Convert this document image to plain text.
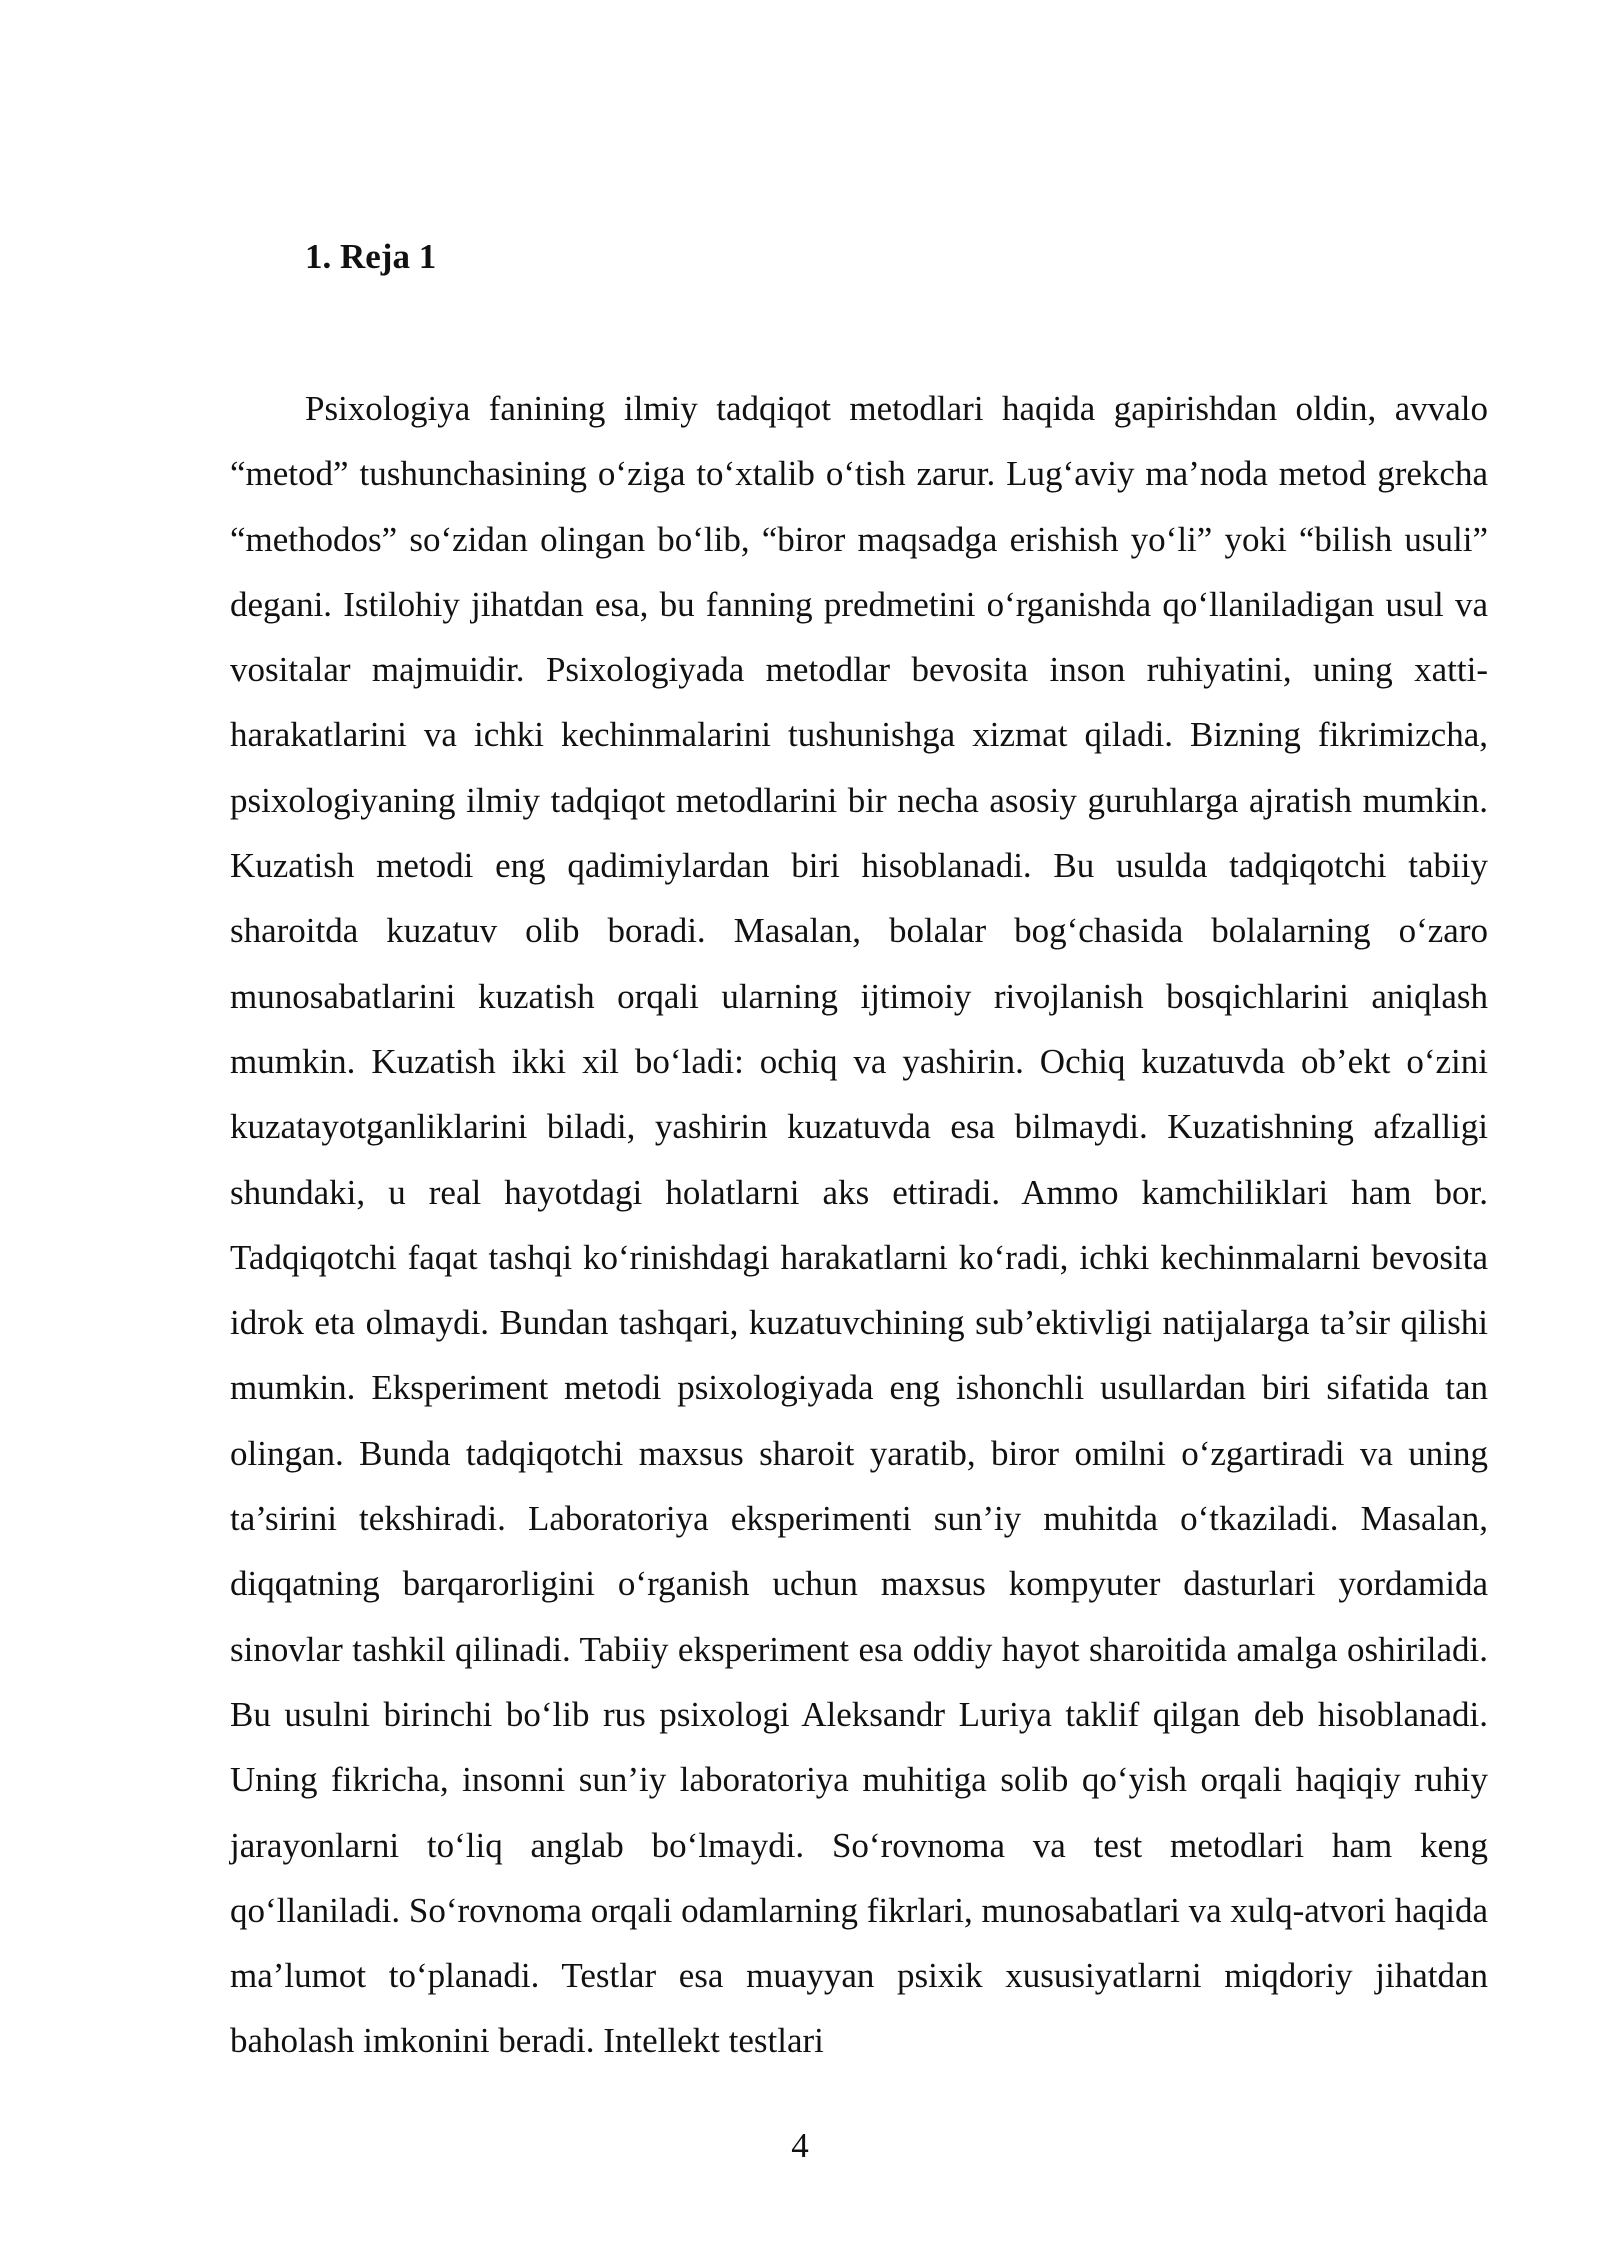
1. Reja 1

Psixologiya fanining ilmiy tadqiqot metodlari haqida gapirishdan oldin, avvalo “metod” tushunchasining o‘ziga to‘xtalib o‘tish zarur. Lug‘aviy ma’noda metod grekcha “methodos” so‘zidan olingan bo‘lib, “biror maqsadga erishish yo‘li” yoki “bilish usuli” degani. Istilohiy jihatdan esa, bu fanning predmetini o‘rganishda qo‘llaniladigan usul va vositalar majmuidir. Psixologiyada metodlar bevosita inson ruhiyatini, uning xatti-harakatlarini va ichki kechinmalarini tushunishga xizmat qiladi. Bizning fikrimizcha, psixologiyaning ilmiy tadqiqot metodlarini bir necha asosiy guruhlarga ajratish mumkin. Kuzatish metodi eng qadimiylardan biri hisoblanadi. Bu usulda tadqiqotchi tabiiy sharoitda kuzatuv olib boradi. Masalan, bolalar bog‘chasida bolalarning o‘zaro munosabatlarini kuzatish orqali ularning ijtimoiy rivojlanish bosqichlarini aniqlash mumkin. Kuzatish ikki xil bo‘ladi: ochiq va yashirin. Ochiq kuzatuvda ob’ekt o‘zini kuzatayotganliklarini biladi, yashirin kuzatuvda esa bilmaydi. Kuzatishning afzalligi shundaki, u real hayotdagi holatlarni aks ettiradi. Ammo kamchiliklari ham bor. Tadqiqotchi faqat tashqi ko‘rinishdagi harakatlarni ko‘radi, ichki kechinmalarni bevosita idrok eta olmaydi. Bundan tashqari, kuzatuvchining sub’ektivligi natijalarga ta’sir qilishi mumkin. Eksperiment metodi psixologiyada eng ishonchli usullardan biri sifatida tan olingan. Bunda tadqiqotchi maxsus sharoit yaratib, biror omilni o‘zgartiradi va uning ta’sirini tekshiradi. Laboratoriya eksperimenti sun’iy muhitda o‘tkaziladi. Masalan, diqqatning barqarorligini o‘rganish uchun maxsus kompyuter dasturlari yordamida sinovlar tashkil qilinadi. Tabiiy eksperiment esa oddiy hayot sharoitida amalga oshiriladi. Bu usulni birinchi bo‘lib rus psixologi Aleksandr Luriya taklif qilgan deb hisoblanadi. Uning fikricha, insonni sun’iy laboratoriya muhitiga solib qo‘yish orqali haqiqiy ruhiy jarayonlarni to‘liq anglab bo‘lmaydi. So‘rovnoma va test metodlari ham keng qo‘llaniladi. So‘rovnoma orqali odamlarning fikrlari, munosabatlari va xulq-atvori haqida ma’lumot to‘planadi. Testlar esa muayyan psixik xususiyatlarni miqdoriy jihatdan baholash imkonini beradi. Intellekt testlari

4
